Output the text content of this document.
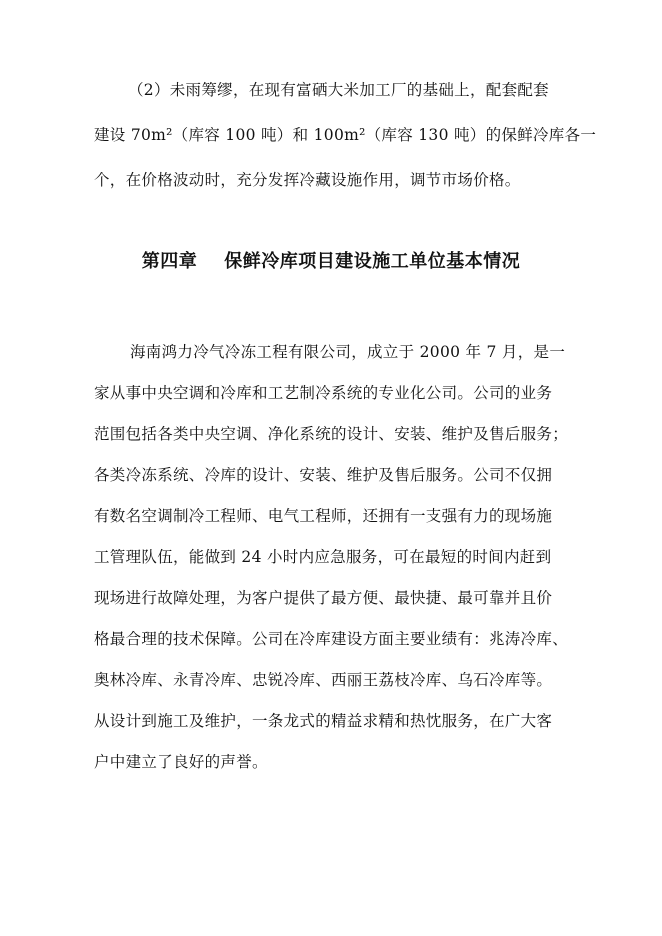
（2）未雨筹缪，在现有富硒大米加工厂的基础上，配套配套
建设 70m²（库容 100 吨）和 100m²（库容 130 吨）的保鲜冷库各一
个，在价格波动时，充分发挥冷藏设施作用，调节市场价格。
第四章    保鲜冷库项目建设施工单位基本情况
海南鸿力冷气冷冻工程有限公司，成立于 2000 年 7 月，是一
家从事中央空调和冷库和工艺制冷系统的专业化公司。公司的业务
范围包括各类中央空调、净化系统的设计、安装、维护及售后服务；
各类冷冻系统、冷库的设计、安装、维护及售后服务。公司不仅拥
有数名空调制冷工程师、电气工程师，还拥有一支强有力的现场施
工管理队伍，能做到 24 小时内应急服务，可在最短的时间内赶到
现场进行故障处理，为客户提供了最方便、最快捷、最可靠并且价
格最合理的技术保障。公司在冷库建设方面主要业绩有：兆涛冷库、
奥林冷库、永青冷库、忠锐冷库、西丽王荔枝冷库、乌石冷库等。
从设计到施工及维护，一条龙式的精益求精和热忱服务，在广大客
户中建立了良好的声誉。
